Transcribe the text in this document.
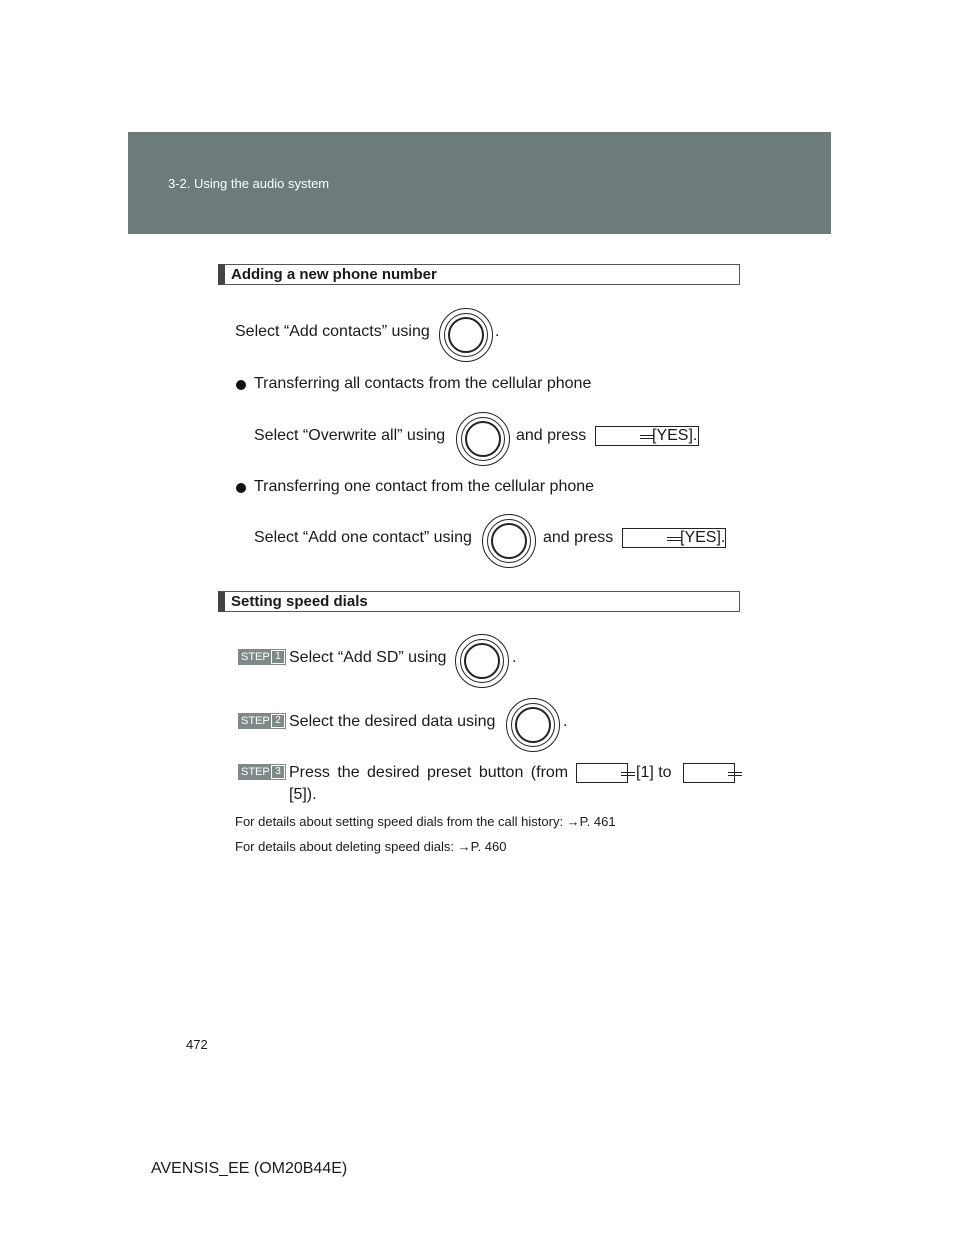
3-2. Using the audio system
Adding a new phone number
Select “Add contacts” using	.
Transferring all contacts from the cellular phone
Select “Overwrite all” using	and press	[YES].
Transferring one contact from the cellular phone
Select “Add one contact” using	and press	[YES].
Setting speed dials
STEP 1 Select “Add SD” using	.
STEP 2 Select the desired data using	.
STEP 3 Press the desired preset button (from	[1] to
[5]).
For details about setting speed dials from the call history: →P. 461
For details about deleting speed dials: →P. 460
472
AVENSIS_EE (OM20B44E)
